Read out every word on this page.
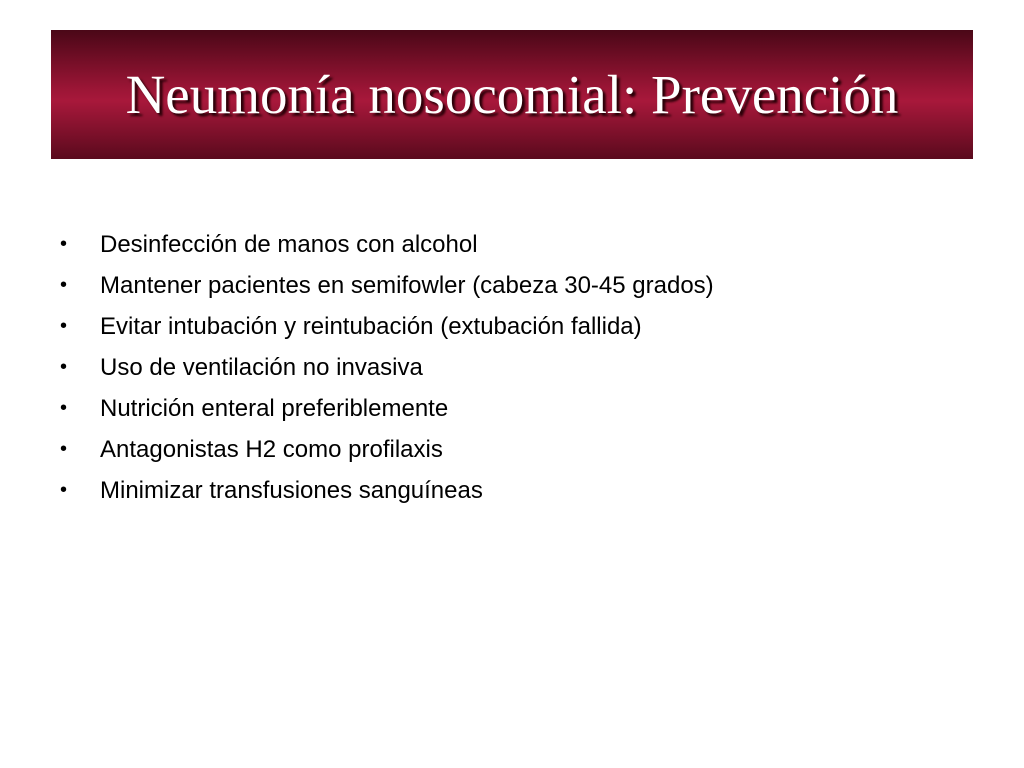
Neumonía nosocomial: Prevención
• Desinfección de manos con alcohol
• Mantener pacientes en semifowler (cabeza 30-45 grados)
• Evitar intubación y reintubación (extubación fallida)
• Uso de ventilación no invasiva
• Nutrición enteral preferiblemente
• Antagonistas H2 como profilaxis
• Minimizar transfusiones sanguíneas
